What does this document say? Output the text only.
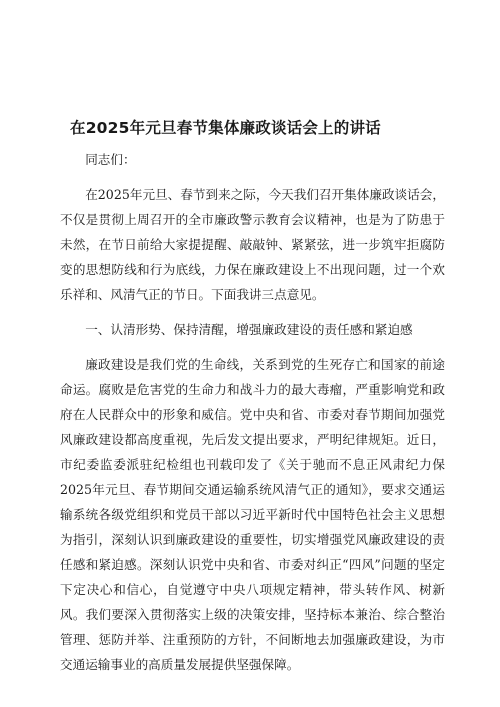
在2025年元旦春节集体廉政谈话会上的讲话

同志们：

在2025年元旦、春节到来之际，今天我们召开集体廉政谈话会，不仅是贯彻上周召开的全市廉政警示教育会议精神，也是为了防患于未然，在节日前给大家提提醒、敲敲钟、紧紧弦，进一步筑牢拒腐防变的思想防线和行为底线，力保在廉政建设上不出现问题，过一个欢乐祥和、风清气正的节日。下面我讲三点意见。

一、认清形势、保持清醒，增强廉政建设的责任感和紧迫感

廉政建设是我们党的生命线，关系到党的生死存亡和国家的前途命运。腐败是危害党的生命力和战斗力的最大毒瘤，严重影响党和政府在人民群众中的形象和威信。党中央和省、市委对春节期间加强党风廉政建设都高度重视，先后发文提出要求，严明纪律规矩。近日，市纪委监委派驻纪检组也刊载印发了《关于驰而不息正风肃纪力保2025年元旦、春节期间交通运输系统风清气正的通知》，要求交通运输系统各级党组织和党员干部以习近平新时代中国特色社会主义思想为指引，深刻认识到廉政建设的重要性，切实增强党风廉政建设的责任感和紧迫感。深刻认识党中央和省、市委对纠正“四风”问题的坚定下定决心和信心，自觉遵守中央八项规定精神，带头转作风、树新风。我们要深入贯彻落实上级的决策安排，坚持标本兼治、综合整治管理、惩防并举、注重预防的方针，不间断地去加强廉政建设，为市交通运输事业的高质量发展提供坚强保障。
